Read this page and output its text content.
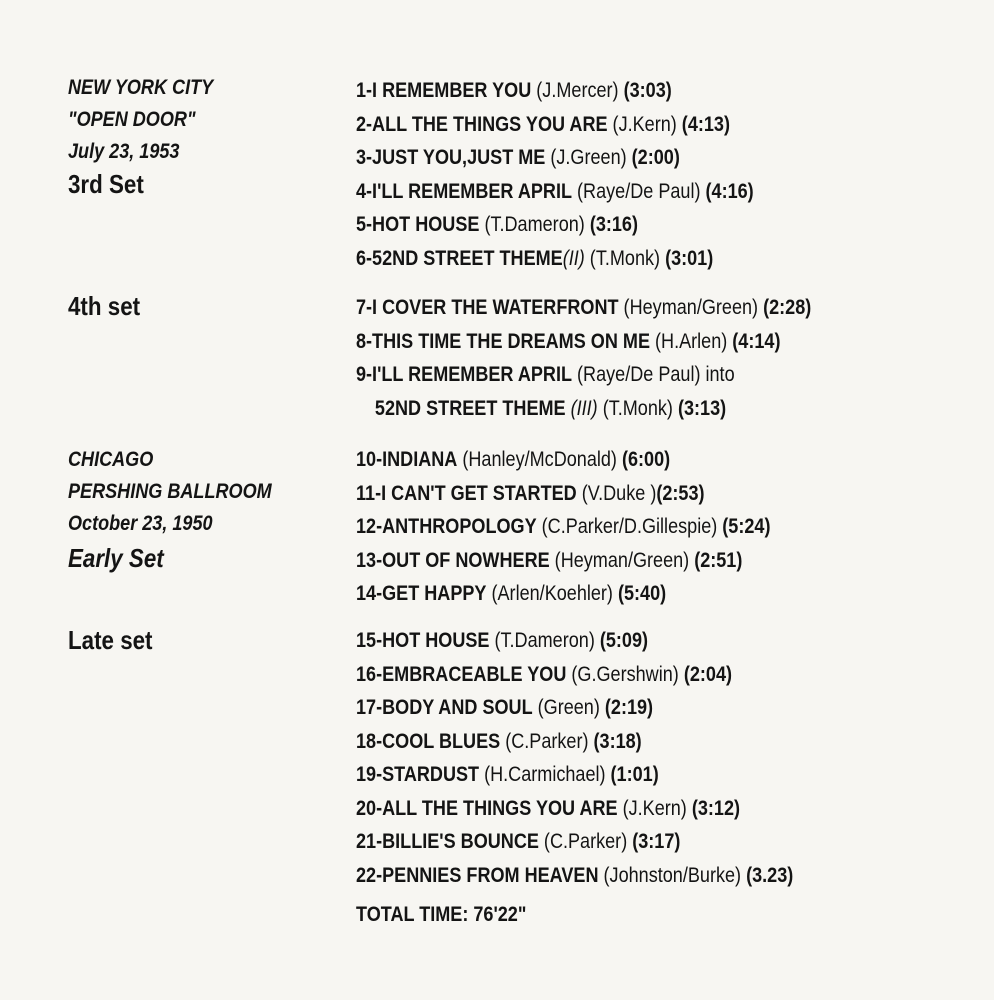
NEW YORK CITY
"OPEN DOOR"
July 23, 1953
3rd Set
4th set
CHICAGO
PERSHING BALLROOM
October 23, 1950
Early Set
Late set
1-I REMEMBER YOU (J.Mercer) (3:03)
2-ALL THE THINGS YOU ARE (J.Kern) (4:13)
3-JUST YOU,JUST ME (J.Green) (2:00)
4-I'LL REMEMBER APRIL (Raye/De Paul) (4:16)
5-HOT HOUSE (T.Dameron) (3:16)
6-52ND STREET THEME(II) (T.Monk) (3:01)
7-I COVER THE WATERFRONT (Heyman/Green) (2:28)
8-THIS TIME THE DREAMS ON ME (H.Arlen) (4:14)
9-I'LL REMEMBER APRIL (Raye/De Paul) into
52ND STREET THEME (III) (T.Monk) (3:13)
10-INDIANA (Hanley/McDonald) (6:00)
11-I CAN'T GET STARTED (V.Duke )(2:53)
12-ANTHROPOLOGY (C.Parker/D.Gillespie) (5:24)
13-OUT OF NOWHERE (Heyman/Green) (2:51)
14-GET HAPPY (Arlen/Koehler) (5:40)
15-HOT HOUSE (T.Dameron) (5:09)
16-EMBRACEABLE YOU (G.Gershwin) (2:04)
17-BODY AND SOUL (Green) (2:19)
18-COOL BLUES (C.Parker) (3:18)
19-STARDUST (H.Carmichael) (1:01)
20-ALL THE THINGS YOU ARE (J.Kern) (3:12)
21-BILLIE'S BOUNCE (C.Parker) (3:17)
22-PENNIES FROM HEAVEN (Johnston/Burke) (3.23)
TOTAL TIME: 76'22"
